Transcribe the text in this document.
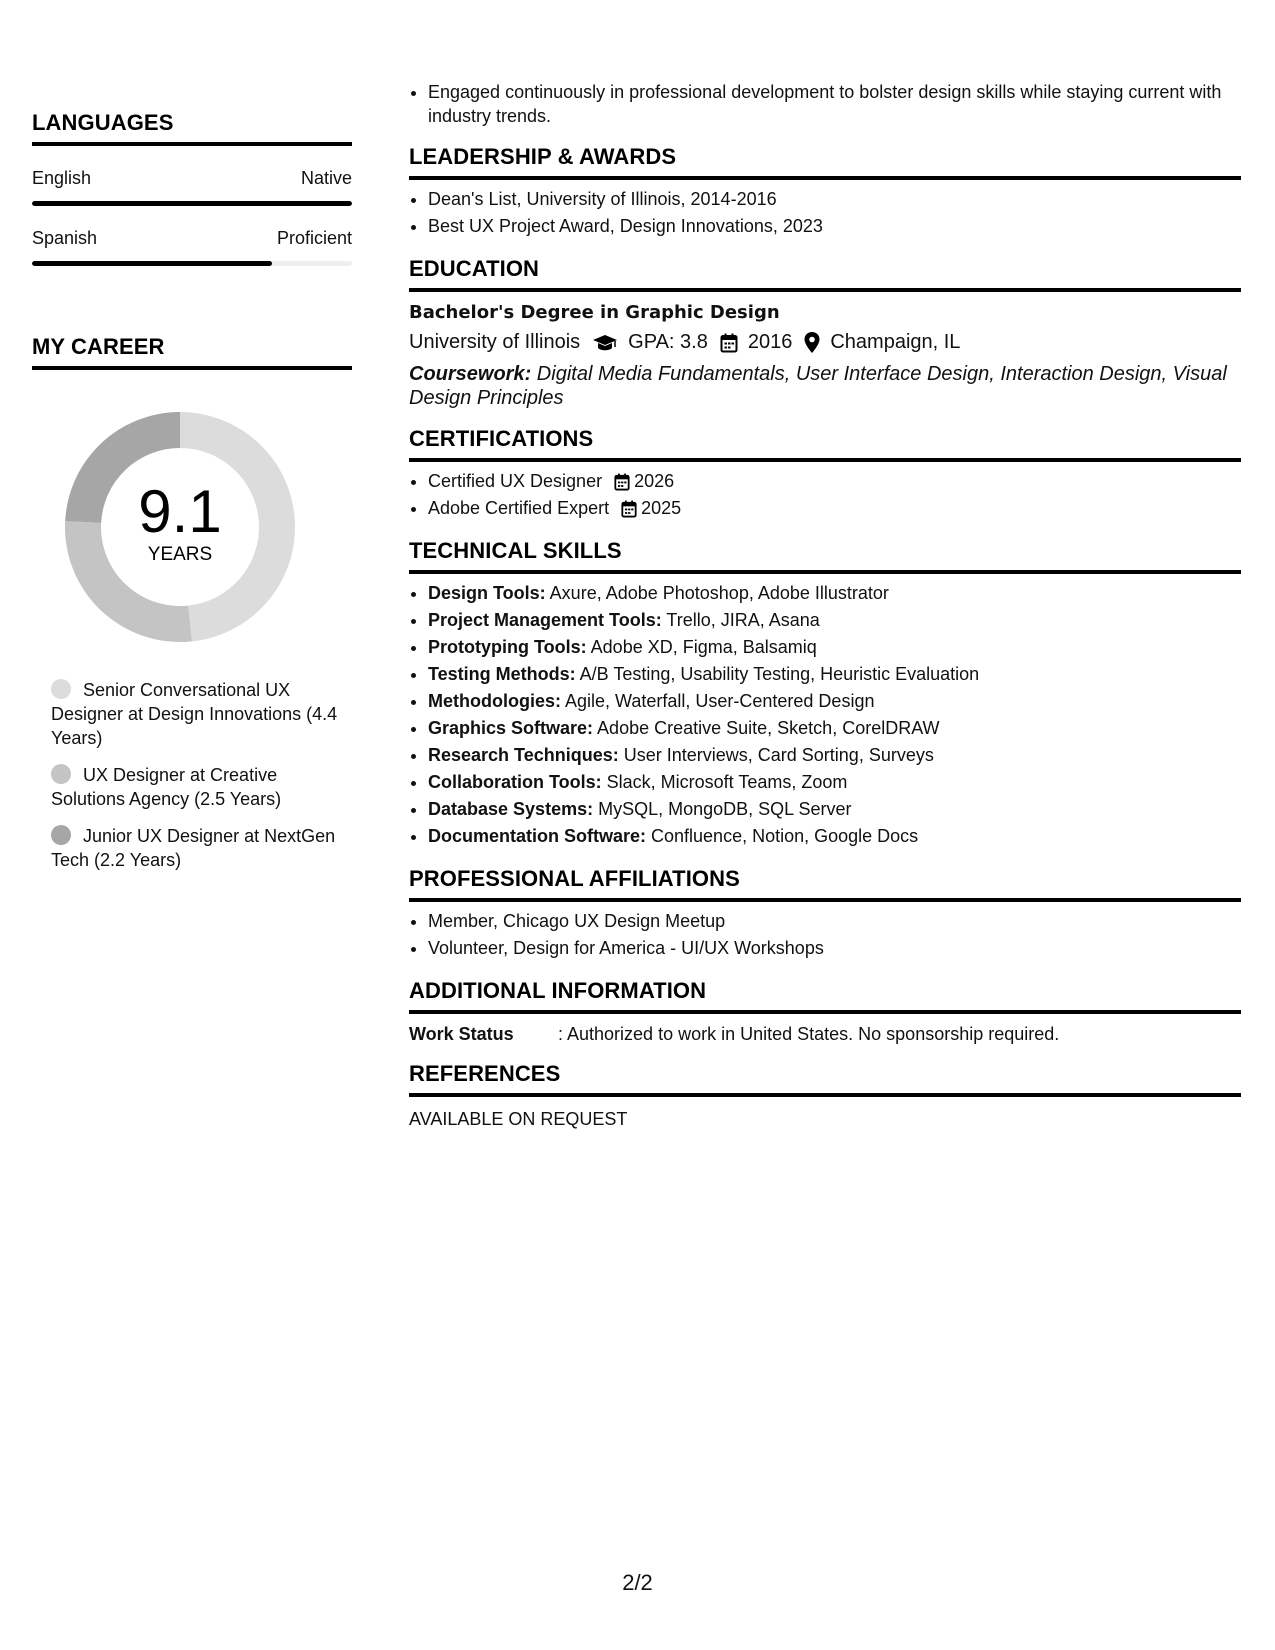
LANGUAGES
English	Native
Spanish	Proficient
MY CAREER
9.1
YEARS
Senior Conversational UX Designer at Design Innovations (4.4 Years)
UX Designer at Creative Solutions Agency (2.5 Years)
Junior UX Designer at NextGen Tech (2.2 Years)
• Engaged continuously in professional development to bolster design skills while staying current with industry trends.
LEADERSHIP & AWARDS
• Dean's List, University of Illinois, 2014-2016
• Best UX Project Award, Design Innovations, 2023
EDUCATION
Bachelor's Degree in Graphic Design
University of Illinois GPA: 3.8 2016 Champaign, IL
Coursework: Digital Media Fundamentals, User Interface Design, Interaction Design, Visual Design Principles
CERTIFICATIONS
• Certified UX Designer 2026
• Adobe Certified Expert 2025
TECHNICAL SKILLS
• Design Tools: Axure, Adobe Photoshop, Adobe Illustrator
• Project Management Tools: Trello, JIRA, Asana
• Prototyping Tools: Adobe XD, Figma, Balsamiq
• Testing Methods: A/B Testing, Usability Testing, Heuristic Evaluation
• Methodologies: Agile, Waterfall, User-Centered Design
• Graphics Software: Adobe Creative Suite, Sketch, CorelDRAW
• Research Techniques: User Interviews, Card Sorting, Surveys
• Collaboration Tools: Slack, Microsoft Teams, Zoom
• Database Systems: MySQL, MongoDB, SQL Server
• Documentation Software: Confluence, Notion, Google Docs
PROFESSIONAL AFFILIATIONS
• Member, Chicago UX Design Meetup
• Volunteer, Design for America - UI/UX Workshops
ADDITIONAL INFORMATION
Work Status	: Authorized to work in United States. No sponsorship required.
REFERENCES
AVAILABLE ON REQUEST
2/2
